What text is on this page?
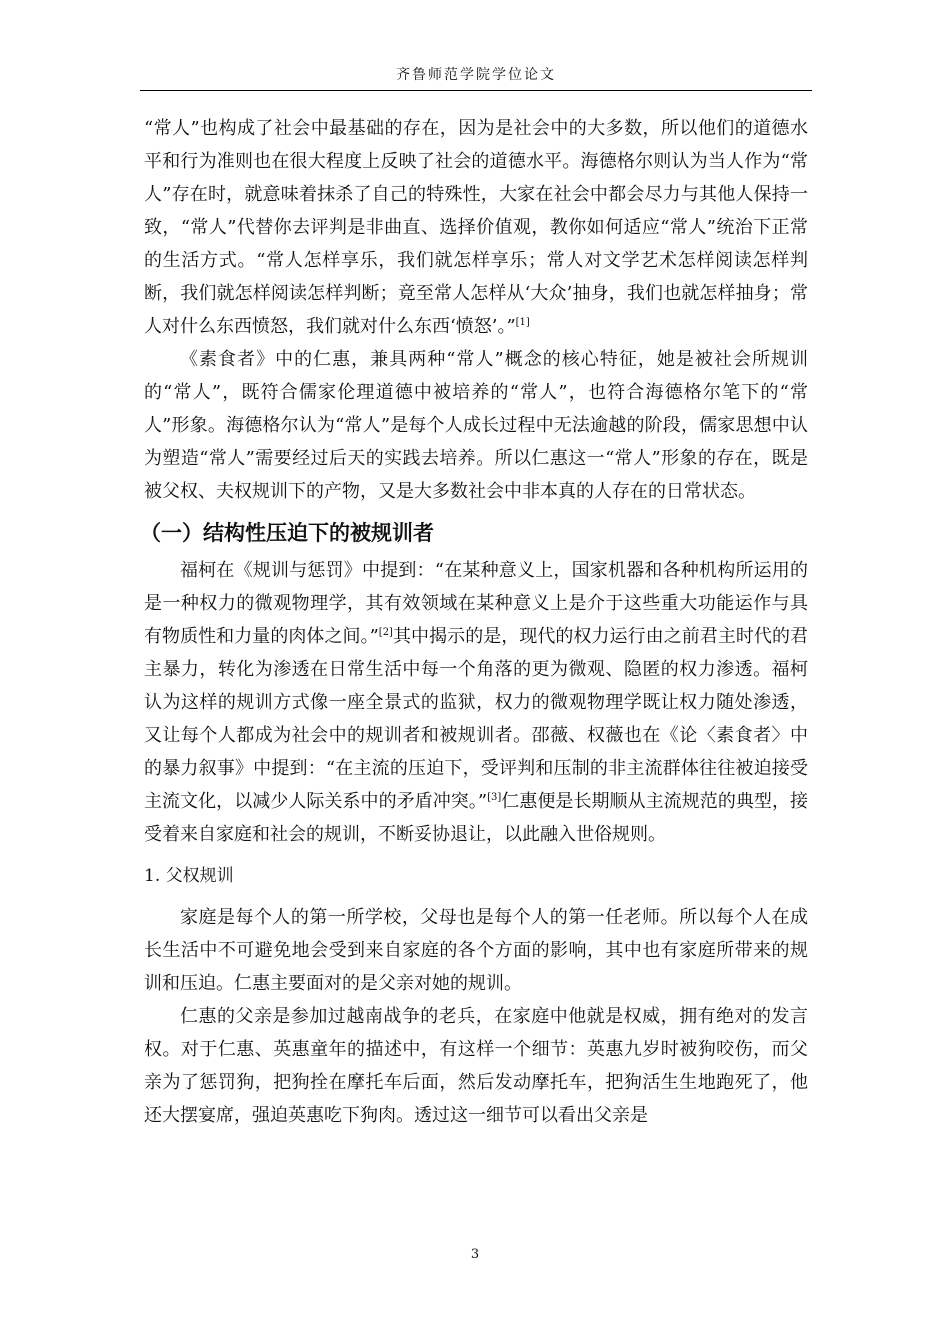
齐鲁师范学院学位论文

“常人”也构成了社会中最基础的存在，因为是社会中的大多数，所以他们的道德水平和行为准则也在很大程度上反映了社会的道德水平。海德格尔则认为当人作为“常人”存在时，就意味着抹杀了自己的特殊性，大家在社会中都会尽力与其他人保持一致，“常人”代替你去评判是非曲直、选择价值观，教你如何适应“常人”统治下正常的生活方式。“常人怎样享乐，我们就怎样享乐；常人对文学艺术怎样阅读怎样判断，我们就怎样阅读怎样判断；竟至常人怎样从‘大众’抽身，我们也就怎样抽身；常人对什么东西愤怒，我们就对什么东西‘愤怒’。”[1]

《素食者》中的仁惠，兼具两种“常人”概念的核心特征，她是被社会所规训的“常人”，既符合儒家伦理道德中被培养的“常人”，也符合海德格尔笔下的“常人”形象。海德格尔认为“常人”是每个人成长过程中无法逾越的阶段，儒家思想中认为塑造“常人”需要经过后天的实践去培养。所以仁惠这一“常人”形象的存在，既是被父权、夫权规训下的产物，又是大多数社会中非本真的人存在的日常状态。

（一）结构性压迫下的被规训者

福柯在《规训与惩罚》中提到：“在某种意义上，国家机器和各种机构所运用的是一种权力的微观物理学，其有效领域在某种意义上是介于这些重大功能运作与具有物质性和力量的肉体之间。”[2]其中揭示的是，现代的权力运行由之前君主时代的君主暴力，转化为渗透在日常生活中每一个角落的更为微观、隐匿的权力渗透。福柯认为这样的规训方式像一座全景式的监狱，权力的微观物理学既让权力随处渗透，又让每个人都成为社会中的规训者和被规训者。邵薇、权薇也在《论〈素食者〉中的暴力叙事》中提到：“在主流的压迫下，受评判和压制的非主流群体往往被迫接受主流文化，以减少人际关系中的矛盾冲突。”[3]仁惠便是长期顺从主流规范的典型，接受着来自家庭和社会的规训，不断妥协退让，以此融入世俗规则。

1. 父权规训

家庭是每个人的第一所学校，父母也是每个人的第一任老师。所以每个人在成长生活中不可避免地会受到来自家庭的各个方面的影响，其中也有家庭所带来的规训和压迫。仁惠主要面对的是父亲对她的规训。

仁惠的父亲是参加过越南战争的老兵，在家庭中他就是权威，拥有绝对的发言权。对于仁惠、英惠童年的描述中，有这样一个细节：英惠九岁时被狗咬伤，而父亲为了惩罚狗，把狗拴在摩托车后面，然后发动摩托车，把狗活生生地跑死了，他还大摆宴席，强迫英惠吃下狗肉。透过这一细节可以看出父亲是

3
